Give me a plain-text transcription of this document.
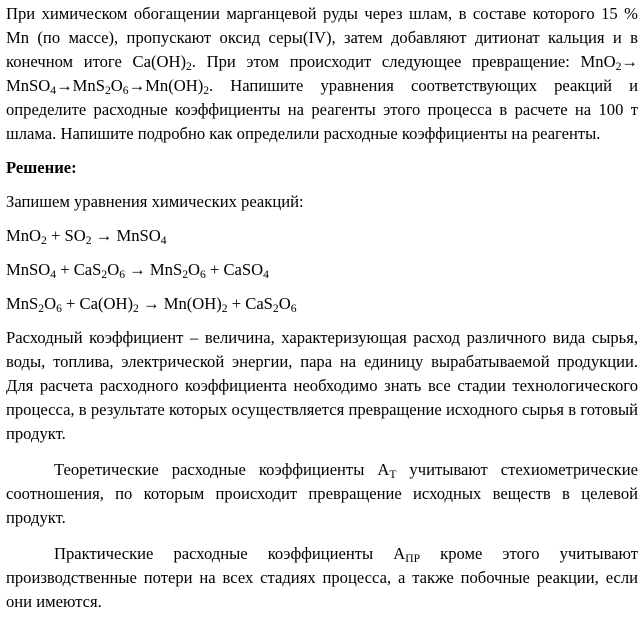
При химическом обогащении марганцевой руды через шлам, в составе которого 15 % Mn (по массе), пропускают оксид серы(IV), затем добавляют дитионат кальция и в конечном итоге $Ca(OH)_2$. При этом происходит следующее превращение: $MnO_2\to MnSO_4\to MnS_2O_6\to Mn(OH)_2$. Напишите уравнения соответствующих реакций и определите расходные коэффициенты на реагенты этого процесса в расчете на 100 т шлама. Напишите подробно как определили расходные коэффициенты на реагенты.

Решение:

Запишем уравнения химических реакций:

$MnO_2 + SO_2$ → MnSO$_4$

MnSO$_4$ + $CaS_2O_6 \to MnS_2O_6$ + CaSO$_4$

$MnS_2O_6 + Ca(OH)_2 \to Mn(OH)_2 + CaS_2O_6$

Расходный коэффициент – величина, характеризующая расход различного вида сырья, воды, топлива, электрической энергии, пара на единицу вырабатываемой продукции. Для расчета расходного коэффициента необходимо знать все стадии технологического процесса, в результате которых осуществляется превращение исходного сырья в готовый продукт.

Теоретические расходные коэффициенты $А_Т$ учитывают стехиометрические соотношения, по которым происходит превращение исходных веществ в целевой продукт.

Практические расходные коэффициенты $А_{ПР}$ кроме этого учитывают производственные потери на всех стадиях процесса, а также побочные реакции, если они имеются.
